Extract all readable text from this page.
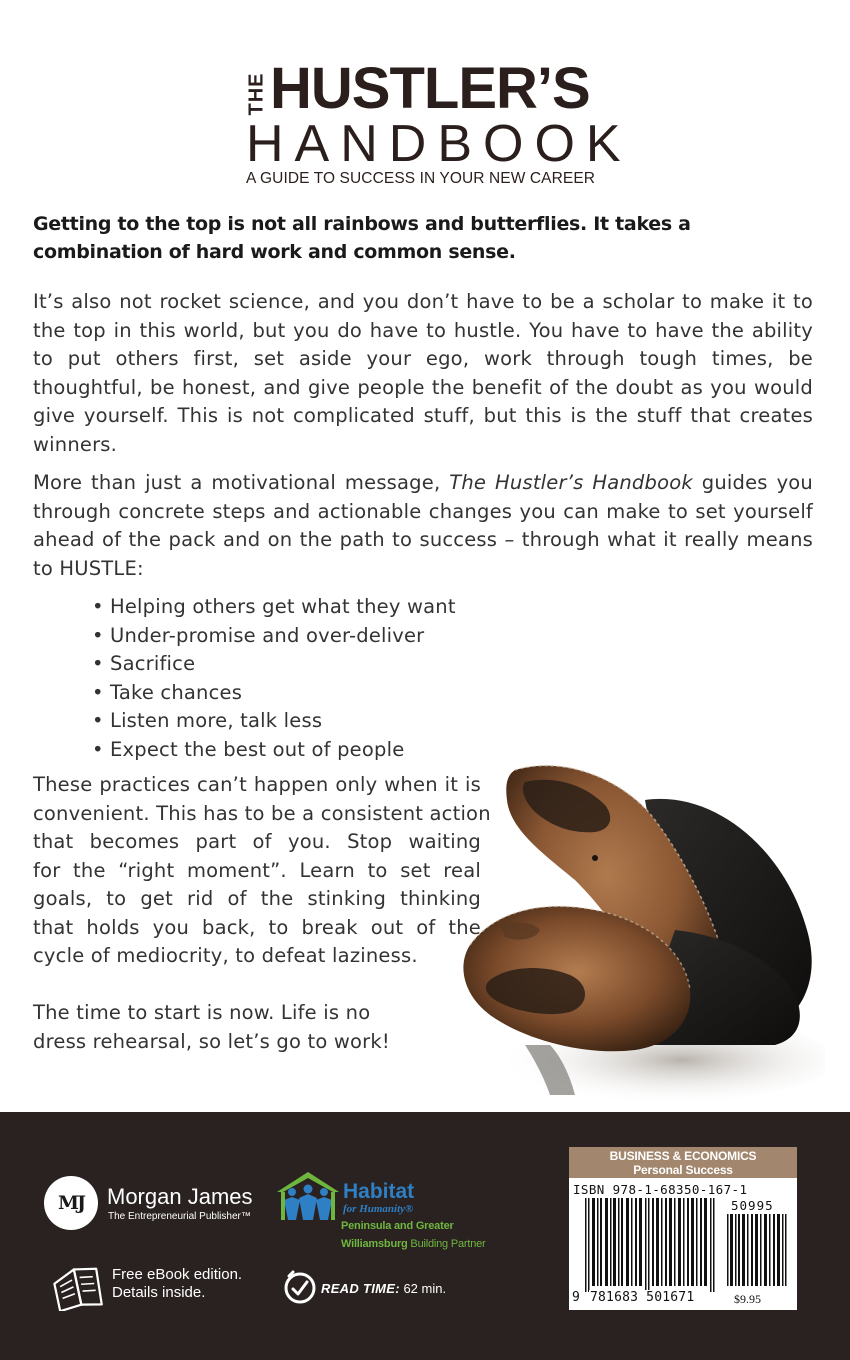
THE HUSTLER’S
HANDBOOK
A GUIDE TO SUCCESS IN YOUR NEW CAREER
Getting to the top is not all rainbows and butterflies. It takes a combination of hard work and common sense.
It’s also not rocket science, and you don’t have to be a scholar to make it to the top in this world, but you do have to hustle. You have to have the ability to put others first, set aside your ego, work through tough times, be thoughtful, be honest, and give people the benefit of the doubt as you would give yourself. This is not complicated stuff, but this is the stuff that creates winners.
More than just a motivational message, The Hustler’s Handbook guides you through concrete steps and actionable changes you can make to set yourself ahead of the pack and on the path to success – through what it really means to HUSTLE:
• Helping others get what they want
• Under-promise and over-deliver
• Sacrifice
• Take chances
• Listen more, talk less
• Expect the best out of people
These practices can’t happen only when it is
convenient. This has to be a consistent action
that becomes part of you. Stop waiting
for the “right moment”. Learn to set real
goals, to get rid of the stinking thinking
that holds you back, to break out of the
cycle of mediocrity, to defeat laziness.
The time to start is now. Life is no
dress rehearsal, so let’s go to work!
MJ Morgan James
The Entrepreneurial Publisher™
Habitat
for Humanity®
Peninsula and Greater
Williamsburg Building Partner
Free eBook edition.
Details inside.	READ TIME: 62 min.
BUSINESS & ECONOMICS
Personal Success
ISBN 978-1-68350-167-1
50995
9 781683 501671	$9.95
